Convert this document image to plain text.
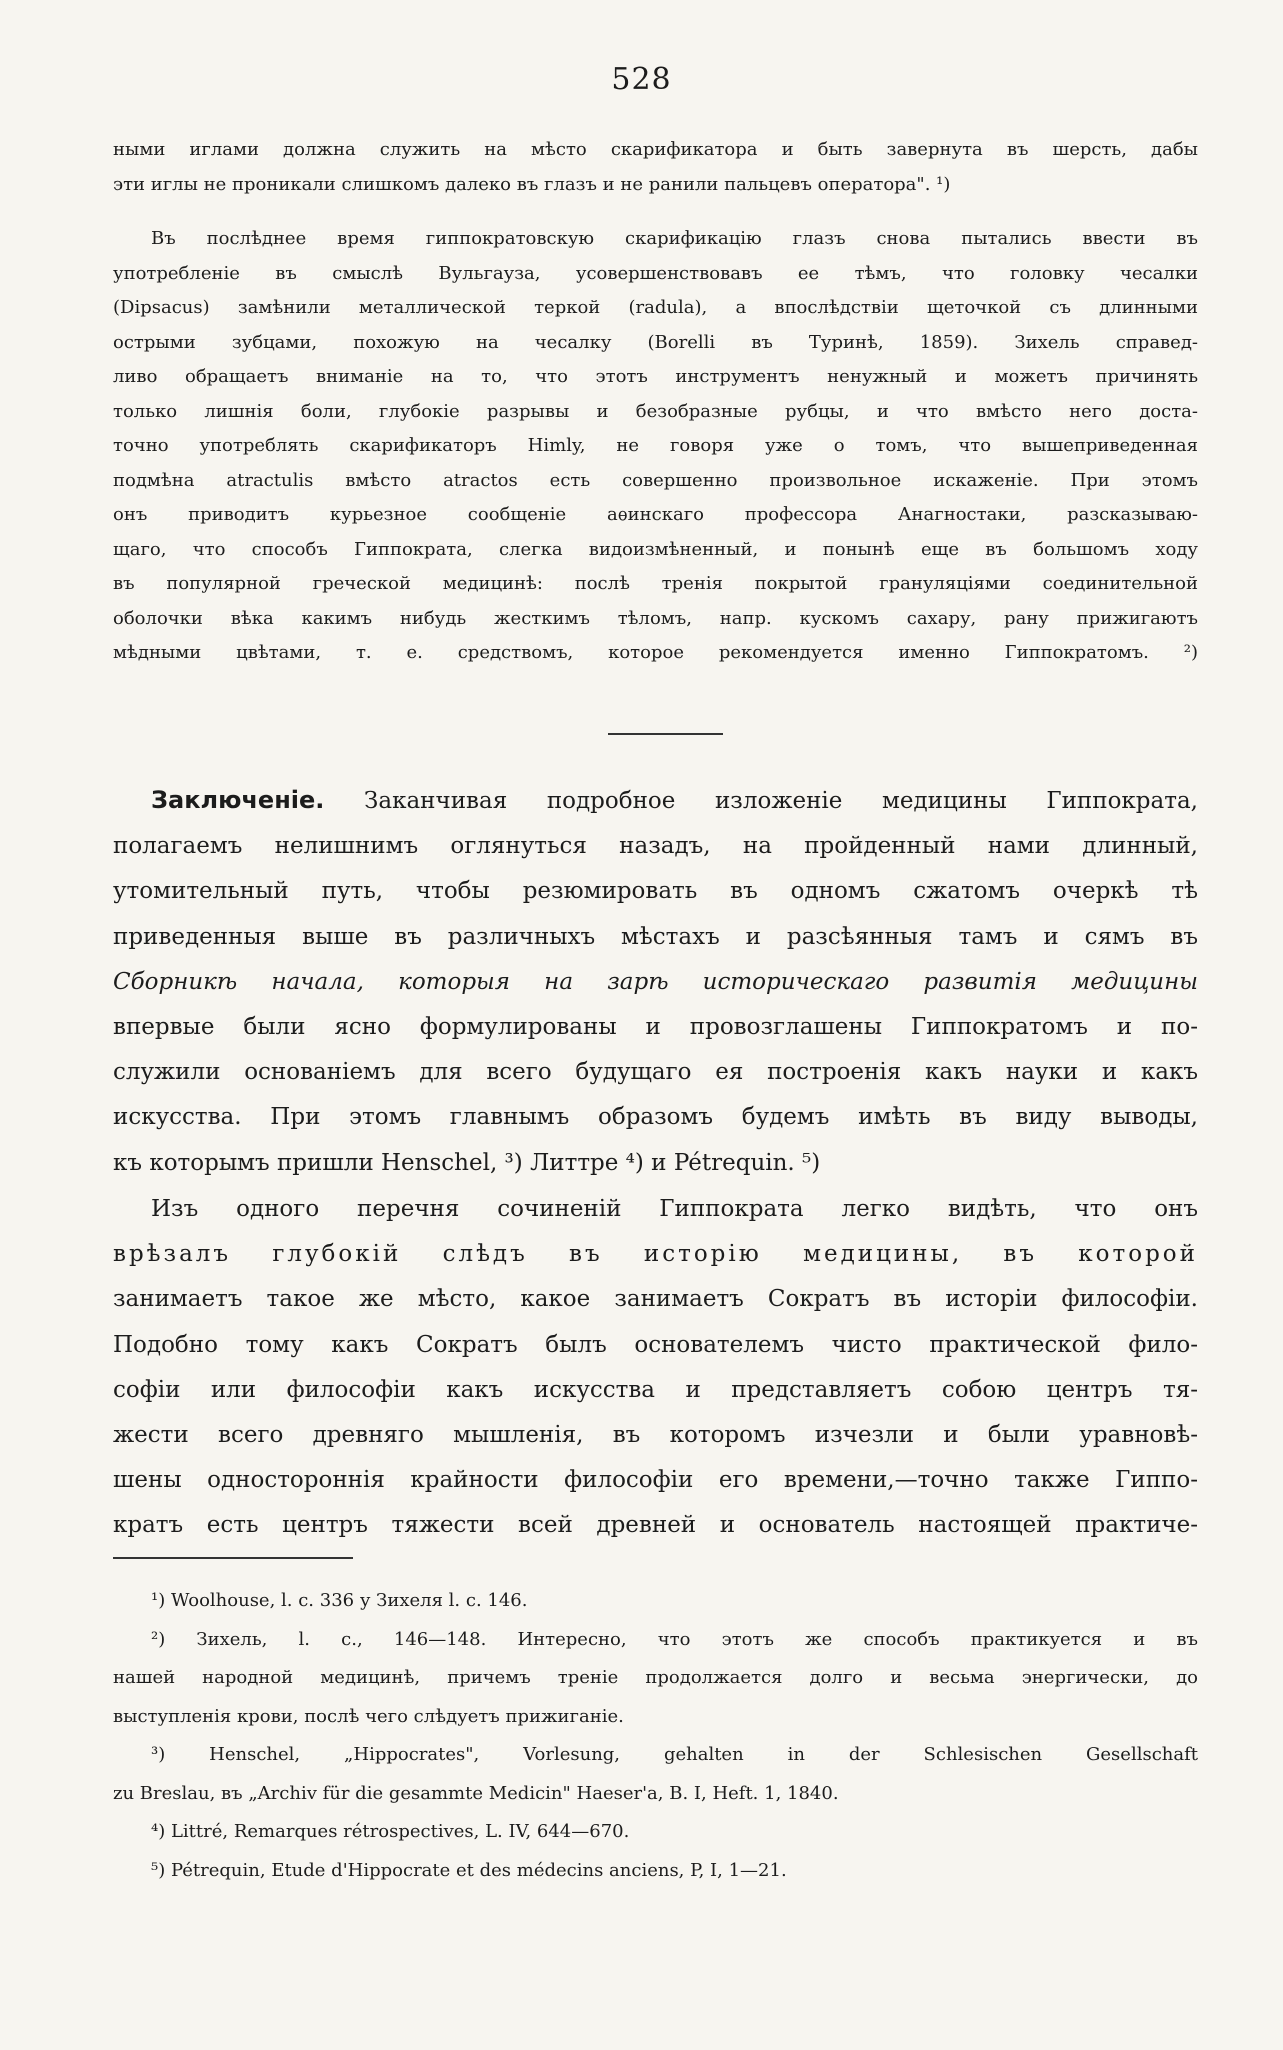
528
ными иглами должна служить на мѣсто скарификатора и быть завернута въ шерсть, дабы
эти иглы не проникали слишкомъ далеко въ глазъ и не ранили пальцевъ оператора". ¹)
Въ послѣднее время гиппократовскую скарификацію глазъ снова пытались ввести въ
употребленіе въ смыслѣ Вульгауза, усовершенствовавъ ее тѣмъ, что головку чесалки
(Dipsacus) замѣнили металлической теркой (radula), а впослѣдствіи щеточкой съ длинными
острыми зубцами, похожую на чесалку (Borelli въ Туринѣ, 1859). Зихель справед-
ливо обращаетъ вниманіе на то, что этотъ инструментъ ненужный и можетъ причинять
только лишнія боли, глубокіе разрывы и безобразные рубцы, и что вмѣсто него доста-
точно употреблять скарификаторъ Himly, не говоря уже о томъ, что вышеприведенная
подмѣна atractulis вмѣсто atractos есть совершенно произвольное искаженіе. При этомъ
онъ приводитъ курьезное сообщеніе аѳинскаго профессора Анагностаки, разсказываю-
щаго, что способъ Гиппократа, слегка видоизмѣненный, и понынѣ еще въ большомъ ходу
въ популярной греческой медицинѣ: послѣ тренія покрытой грануляціями соединительной
оболочки вѣка какимъ нибудь жесткимъ тѣломъ, напр. кускомъ сахару, рану прижигаютъ
мѣдными цвѣтами, т. е. средствомъ, которое рекомендуется именно Гиппократомъ. ²)
Заключеніе. Заканчивая подробное изложеніе медицины Гиппократа,
полагаемъ нелишнимъ оглянуться назадъ, на пройденный нами длинный,
утомительный путь, чтобы резюмировать въ одномъ сжатомъ очеркѣ тѣ
приведенныя выше въ различныхъ мѣстахъ и разсѣянныя тамъ и сямъ въ
Сборникѣ начала, которыя на зарѣ историческаго развитія медицины
впервые были ясно формулированы и провозглашены Гиппократомъ и по-
служили основаніемъ для всего будущаго ея построенія какъ науки и какъ
искусства. При этомъ главнымъ образомъ будемъ имѣть въ виду выводы,
къ которымъ пришли Henschel, ³) Литтре ⁴) и Pétrequin. ⁵)
Изъ одного перечня сочиненій Гиппократа легко видѣть, что онъ
врѣзалъ глубокій слѣдъ въ исторію медицины, въ которой
занимаетъ такое же мѣсто, какое занимаетъ Сократъ въ исторіи философіи.
Подобно тому какъ Сократъ былъ основателемъ чисто практической фило-
софіи или философіи какъ искусства и представляетъ собою центръ тя-
жести всего древняго мышленія, въ которомъ изчезли и были уравновѣ-
шены одностороннія крайности философіи его времени,—точно также Гиппо-
кратъ есть центръ тяжести всей древней и основатель настоящей практиче-
¹) Woolhouse, l. c. 336 у Зихеля l. c. 146.
²) Зихель, l. c., 146—148. Интересно, что этотъ же способъ практикуется и въ
нашей народной медицинѣ, причемъ треніе продолжается долго и весьма энергически, до
выступленія крови, послѣ чего слѣдуетъ прижиганіе.
³) Henschel, „Hippocrates", Vorlesung, gehalten in der Schlesischen Gesellschaft
zu Breslau, въ „Archiv für die gesammte Medicin" Haeser'a, B. I, Heft. 1, 1840.
⁴) Littré, Remarques rétrospectives, L. IV, 644—670.
⁵) Pétrequin, Etude d'Hippocrate et des médecins anciens, P, I, 1—21.
